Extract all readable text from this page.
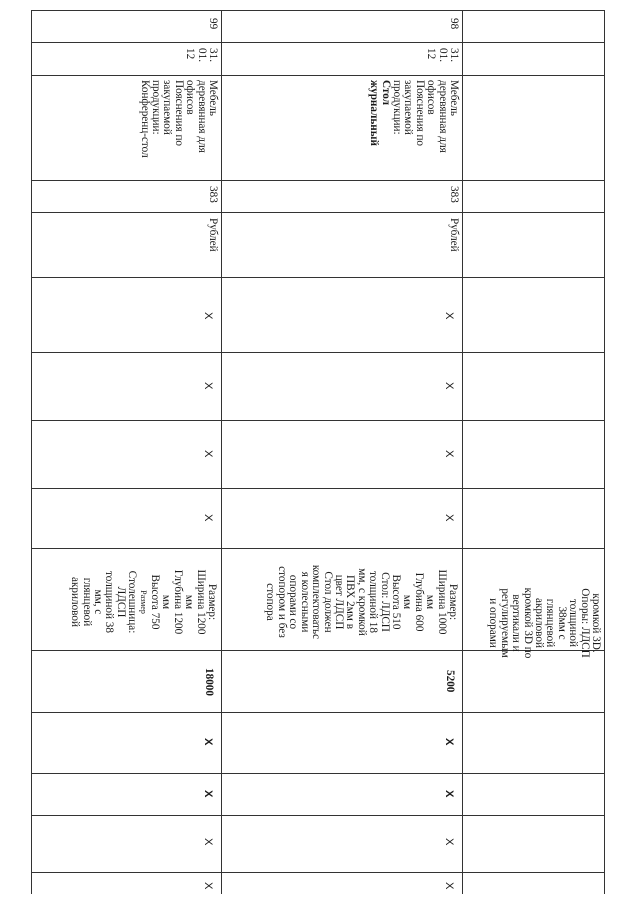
кромкой 3D.
Опоры: ЛДСП
толщиной
38мм с
глянцевой
акриловой
кромкой 3D по
вертикали и
регулируемым
и опорами
98
31.
01.
12
Мебель
деревянная для
офисов
Пояснения по
закупаемой
продукции:
Стол
журнальный
383
Рублей
Х
Х
Х
Х
Размер:
Ширина 1000
мм
Глубина 600
мм
Высота 510
Стол: ЛДСП
толщиной 18
мм, с кромкой
ПВХ 2мм в
цвет ЛДСП
Стол должен
комплектоватьс
я колесными
опорами со
стопором и без
стопора
5200
Х
Х
Х
Х
99
31.
01.
12
Мебель
деревянная для
офисов
Пояснения по
закупаемой
продукции:
Конференц-стол
383
Рублей
Х
Х
Х
Х
Размер:
Ширина 1200
мм
Глубина 1200
мм
Высота 750
Размер
Столешница:
ЛДСП
толщиной 38
мм, с
глянцевой
акриловой
18000
Х
Х
Х
Х
